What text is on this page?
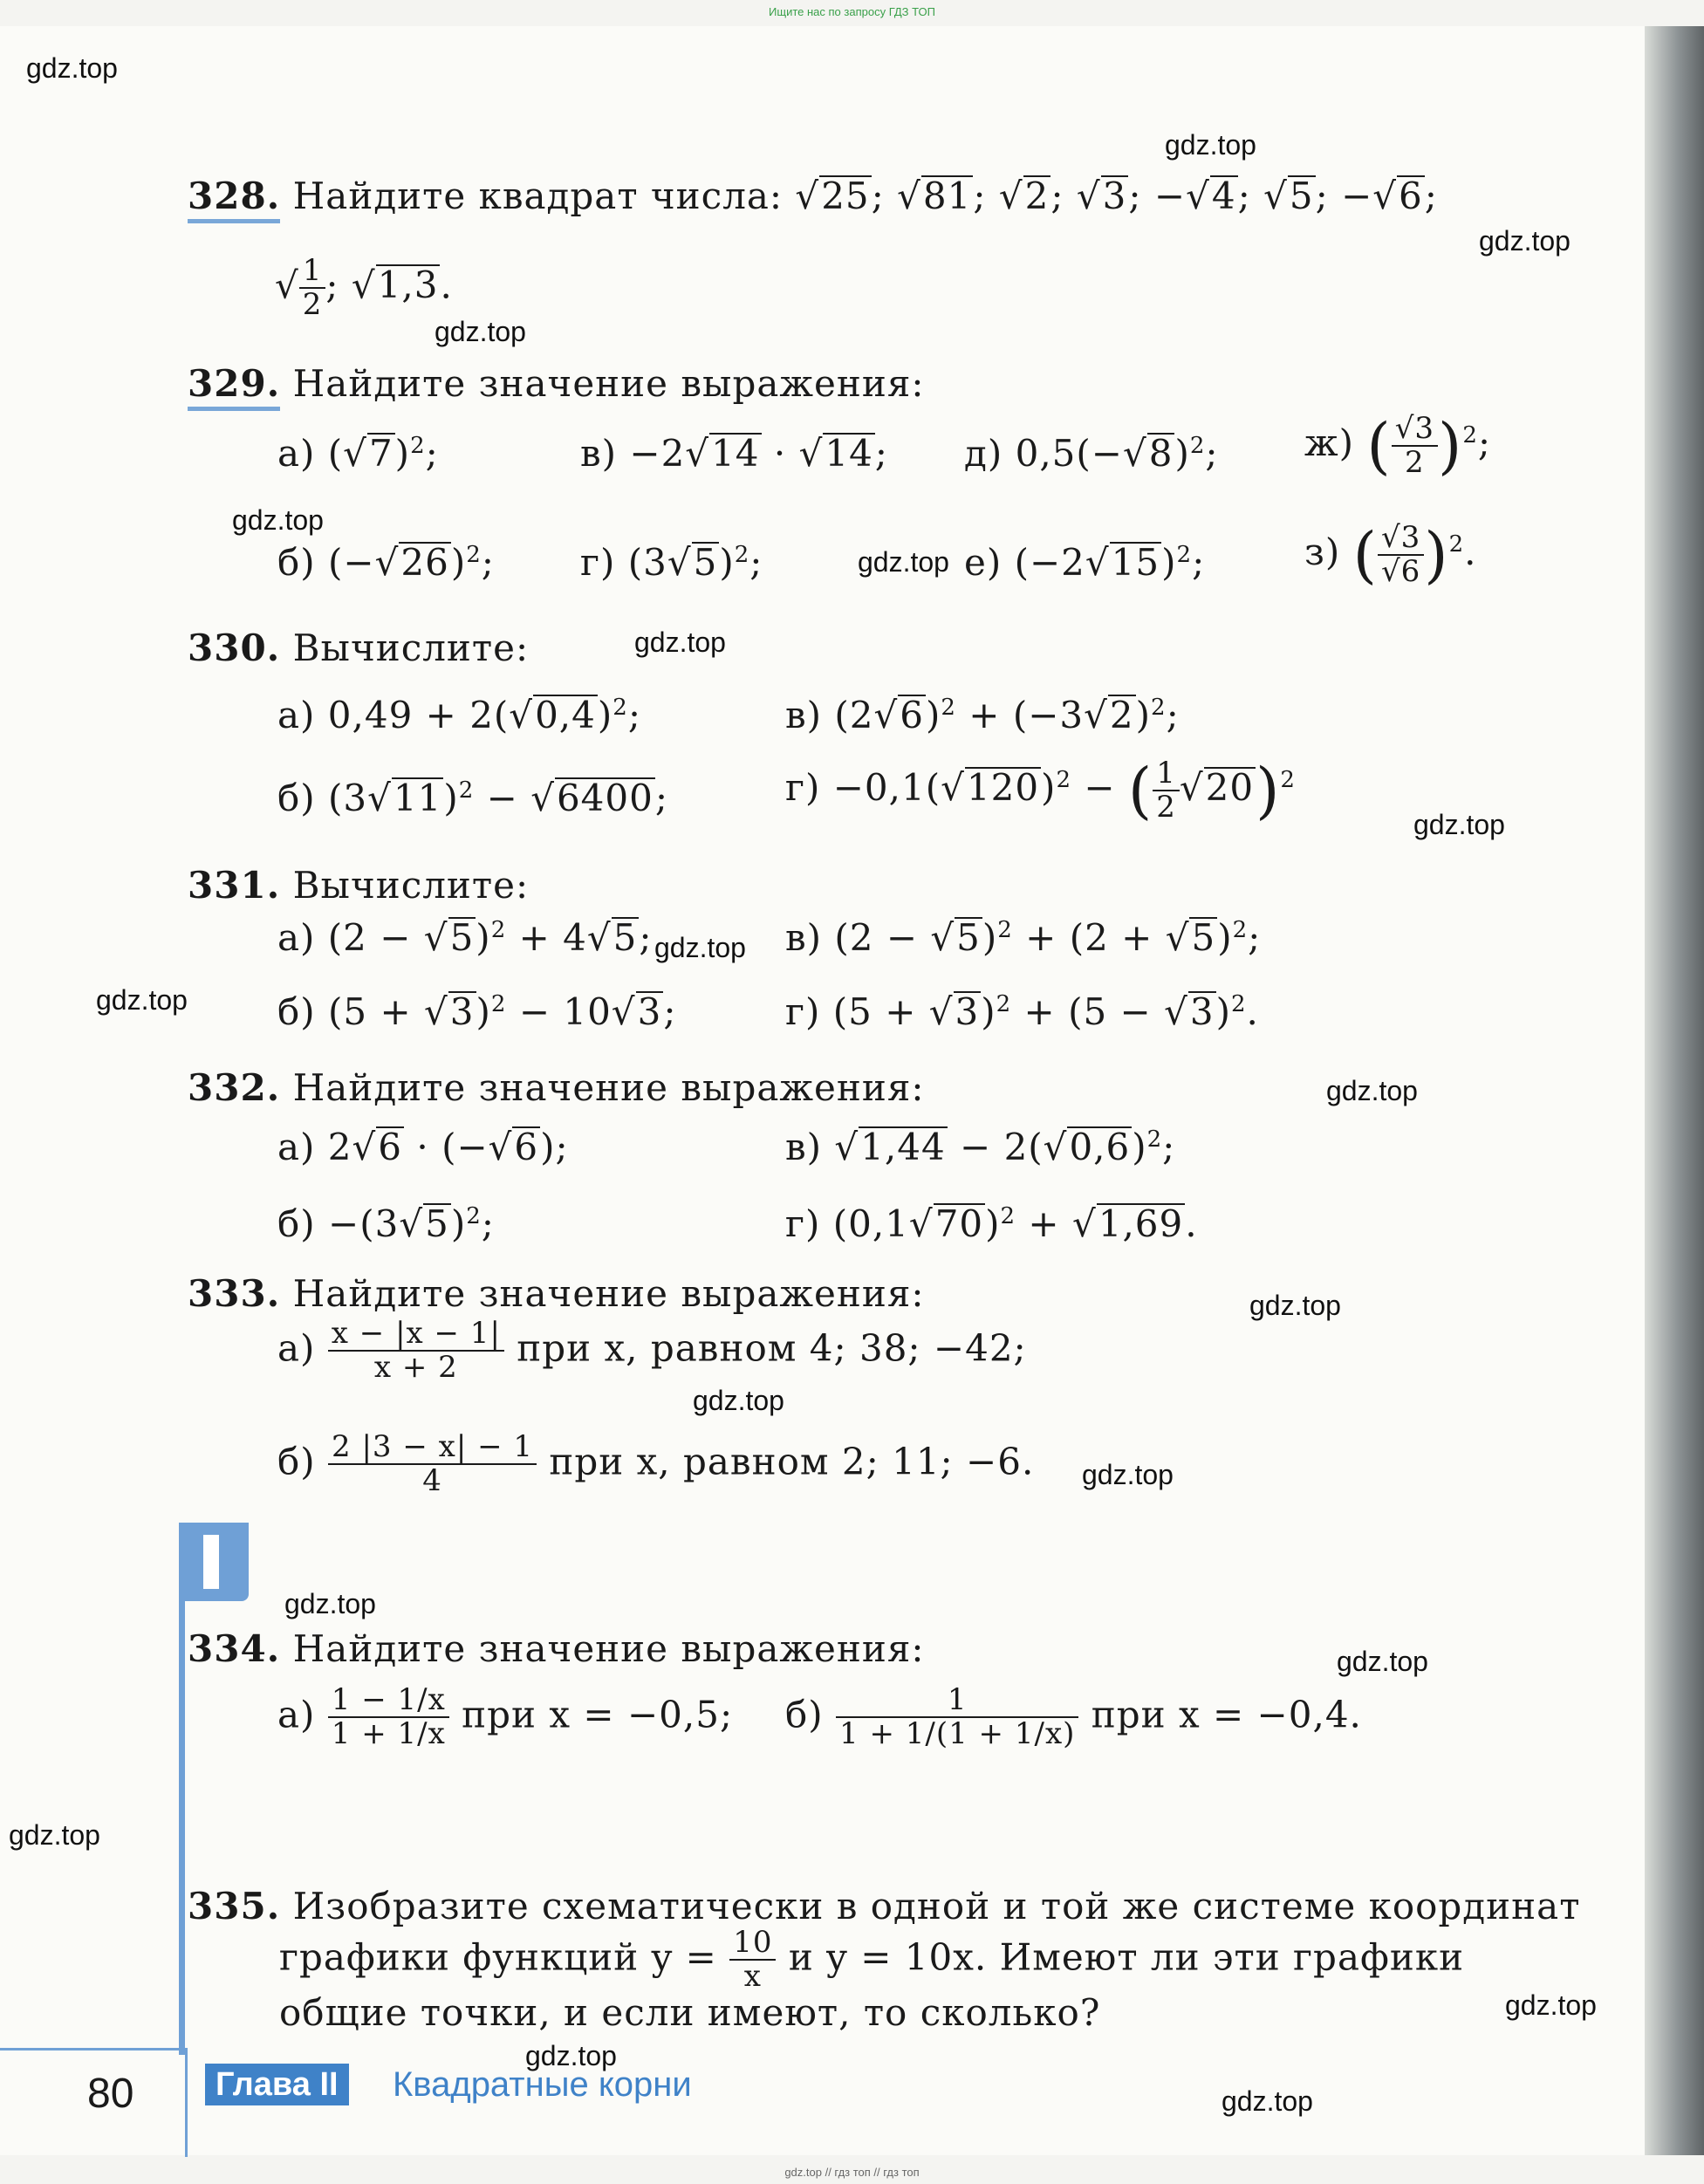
Ищите нас по запросу ГДЗ ТОП
gdz.top
gdz.top
gdz.top
gdz.top
gdz.top
gdz.top
gdz.top
gdz.top
gdz.top
gdz.top
gdz.top
gdz.top
gdz.top
gdz.top
gdz.top
gdz.top
gdz.top
gdz.top
gdz.top
gdz.top
328. Найдите квадрат числа: √25; √81; √2; √3; −√4; √5; −√6;
√ $\frac{1}{2}$ ; √1,3.
329. Найдите значение выражения:
а) $(√7)^2$;	в) −2√14 · √14; д) $0,5(-√8)^2$; ж) ( $\frac{√3}{2} )^2$;
б) $(-√26)^2$; г) $(3√5)^2$;	е) $(-2√15)^2$;	з) ( $\frac{√3}{√6} )^2$.
330. Вычислите:
а) $0,49 + 2(√0,4)^2$;	в) $(2√6)^2 + (-3√2)^2$;
б) $(3√11)^2 - √6400$;	$г) -0,1(√120)^2$ − ( $\frac{1}{2} √20)^2$
331. Вычислите:
а) $(2 - √5)^2 + 4√5$;	в) $(2 - √5)^2 + (2 + √5)^2$;
б) $(5 + √3)^2 - 10√3$;	г) $(5 + √3)^2 + (5 - √3)^2$.
332. Найдите значение выражения:
а) 2√6 · (−√6);	в) $√1,44 - 2(√0,6)^2$;
$б) -(3√5)^2$;	г) $(0,1√70)^2 + √1,69$.
333. Найдите значение выражения:
$а) \frac{x - |x - 1|}{x + 2}$ при x, равном 4; 38; −42;
$б) \frac{2 |3 - x| - 1}{4}$ при x, равном 2; 11; −6.
334. Найдите значение выражения:
$а) \frac{1 - 1/x}{1 + 1/x}$ при x = −0,5; $б) \frac{1}{1 + 1/(1 + 1/x)}$ при x = −0,4.
335. Изобразите схематически в одной и той же системе координат
графики функций $y = \frac{10}{x}$ и y = 10x. Имеют ли эти графики
общие точки, и если имеют, то сколько?
80	Глава II	Квадратные корни
gdz.top // гдз топ // гдз топ
